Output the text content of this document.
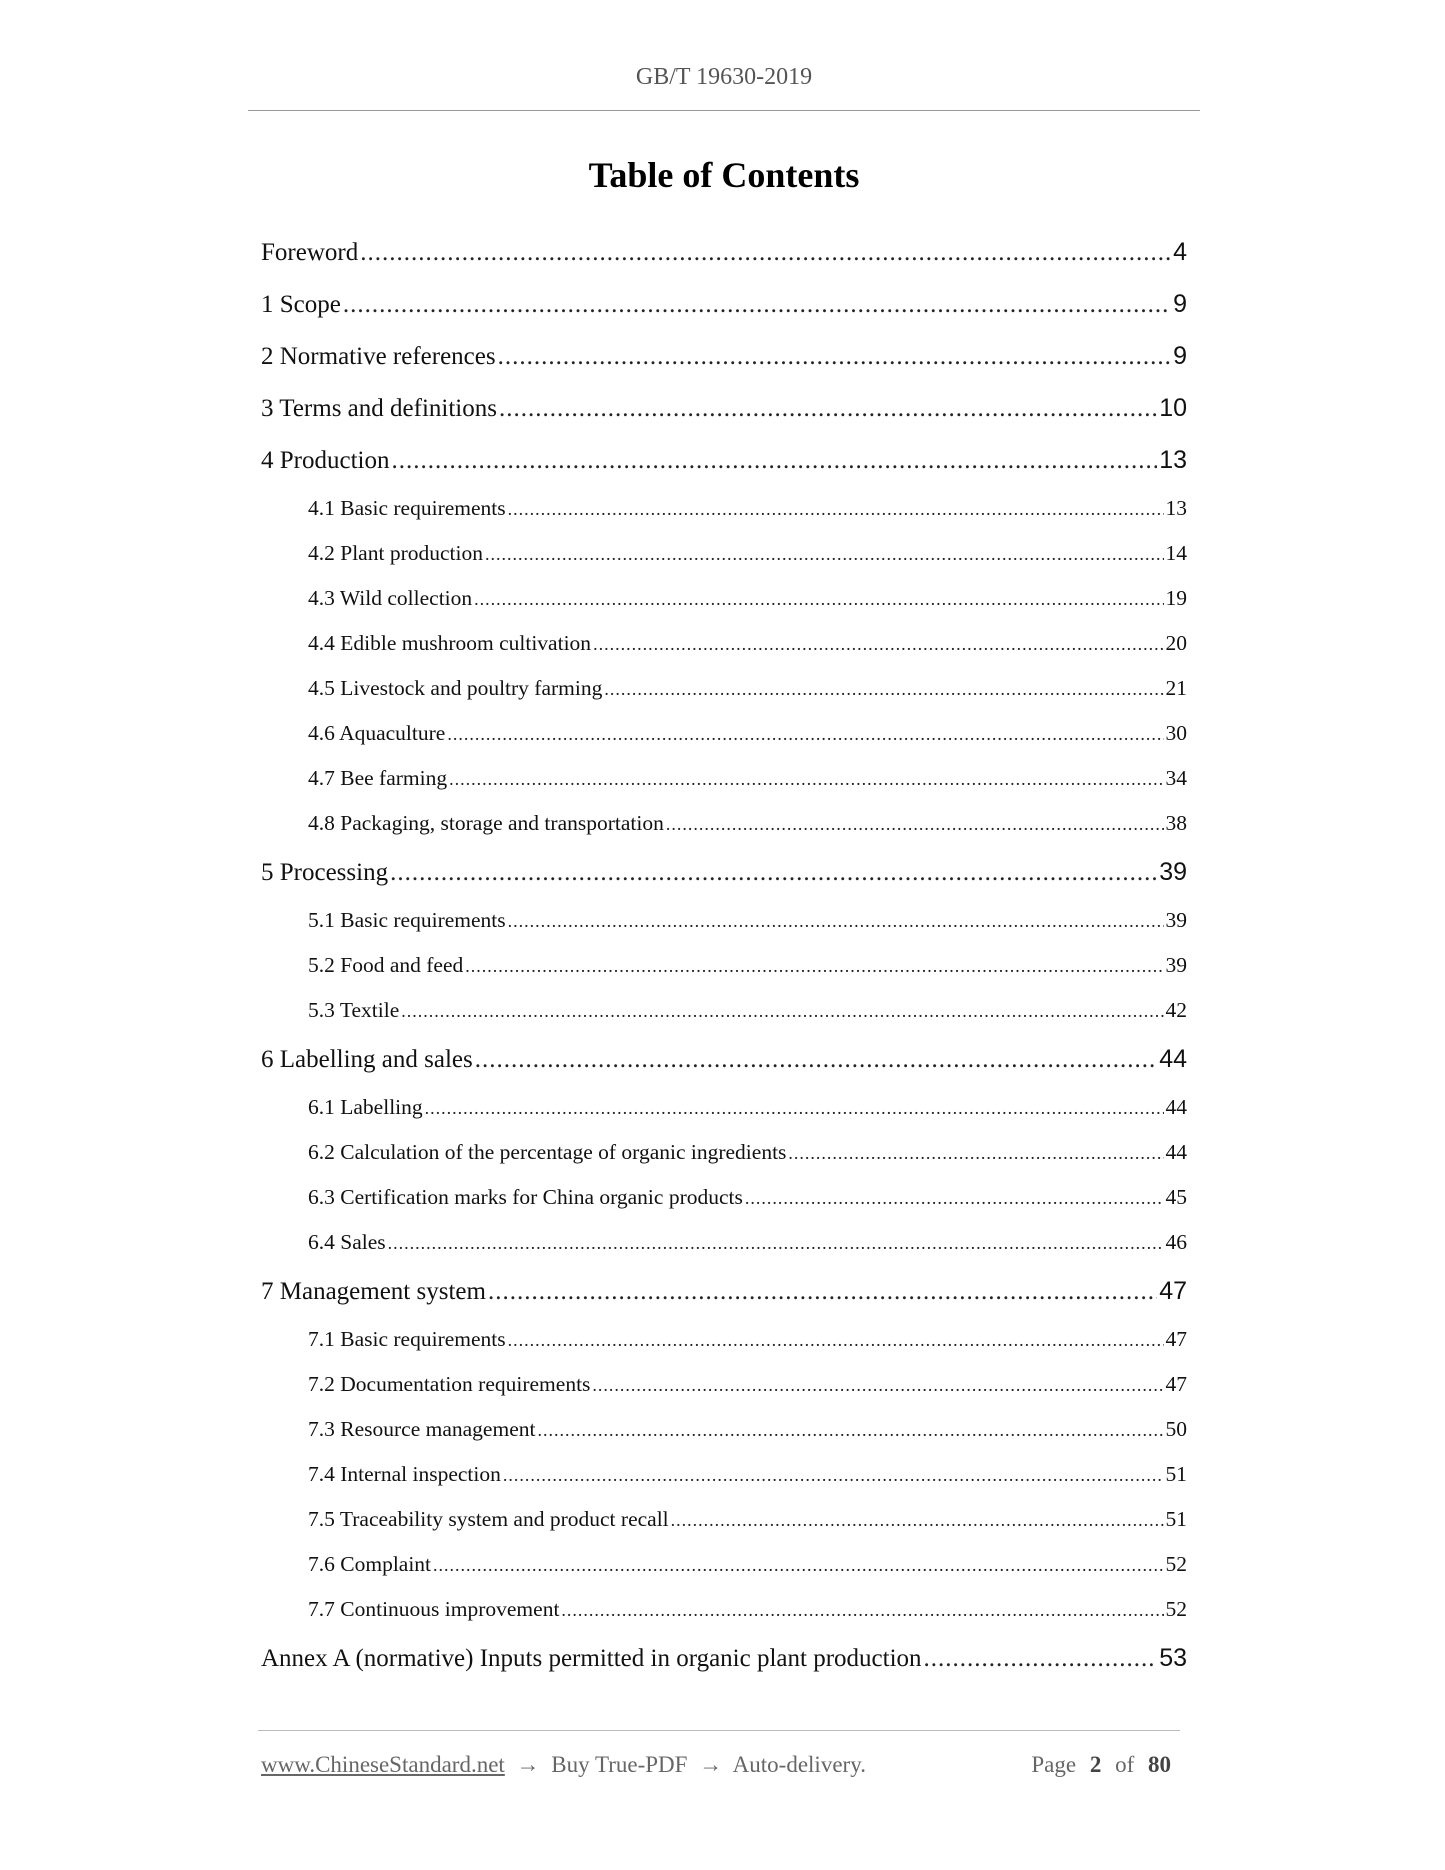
GB/T 19630-2019
Table of Contents
Foreword .....	4
1 Scope .....	9
2 Normative references .....	9
3 Terms and definitions .....	10
4 Production .....	13
4.1 Basic requirements .....	13
4.2 Plant production .....	14
4.3 Wild collection .....	19
4.4 Edible mushroom cultivation .....	20
4.5 Livestock and poultry farming .....	21
4.6 Aquaculture .....	30
4.7 Bee farming .....	34
4.8 Packaging, storage and transportation .....	38
5 Processing .....	39
5.1 Basic requirements .....	39
5.2 Food and feed .....	39
5.3 Textile .....	42
6 Labelling and sales .....	44
6.1 Labelling .....	44
6.2 Calculation of the percentage of organic ingredients .....	44
6.3 Certification marks for China organic products .....	45
6.4 Sales .....	46
7 Management system .....	47
7.1 Basic requirements .....	47
7.2 Documentation requirements .....	47
7.3 Resource management .....	50
7.4 Internal inspection .....	51
7.5 Traceability system and product recall .....	51
7.6 Complaint .....	52
7.7 Continuous improvement .....	52
Annex A (normative) Inputs permitted in organic plant production .....	53
www.ChineseStandard.net → Buy True-PDF → Auto-delivery.	Page 2 of 80
